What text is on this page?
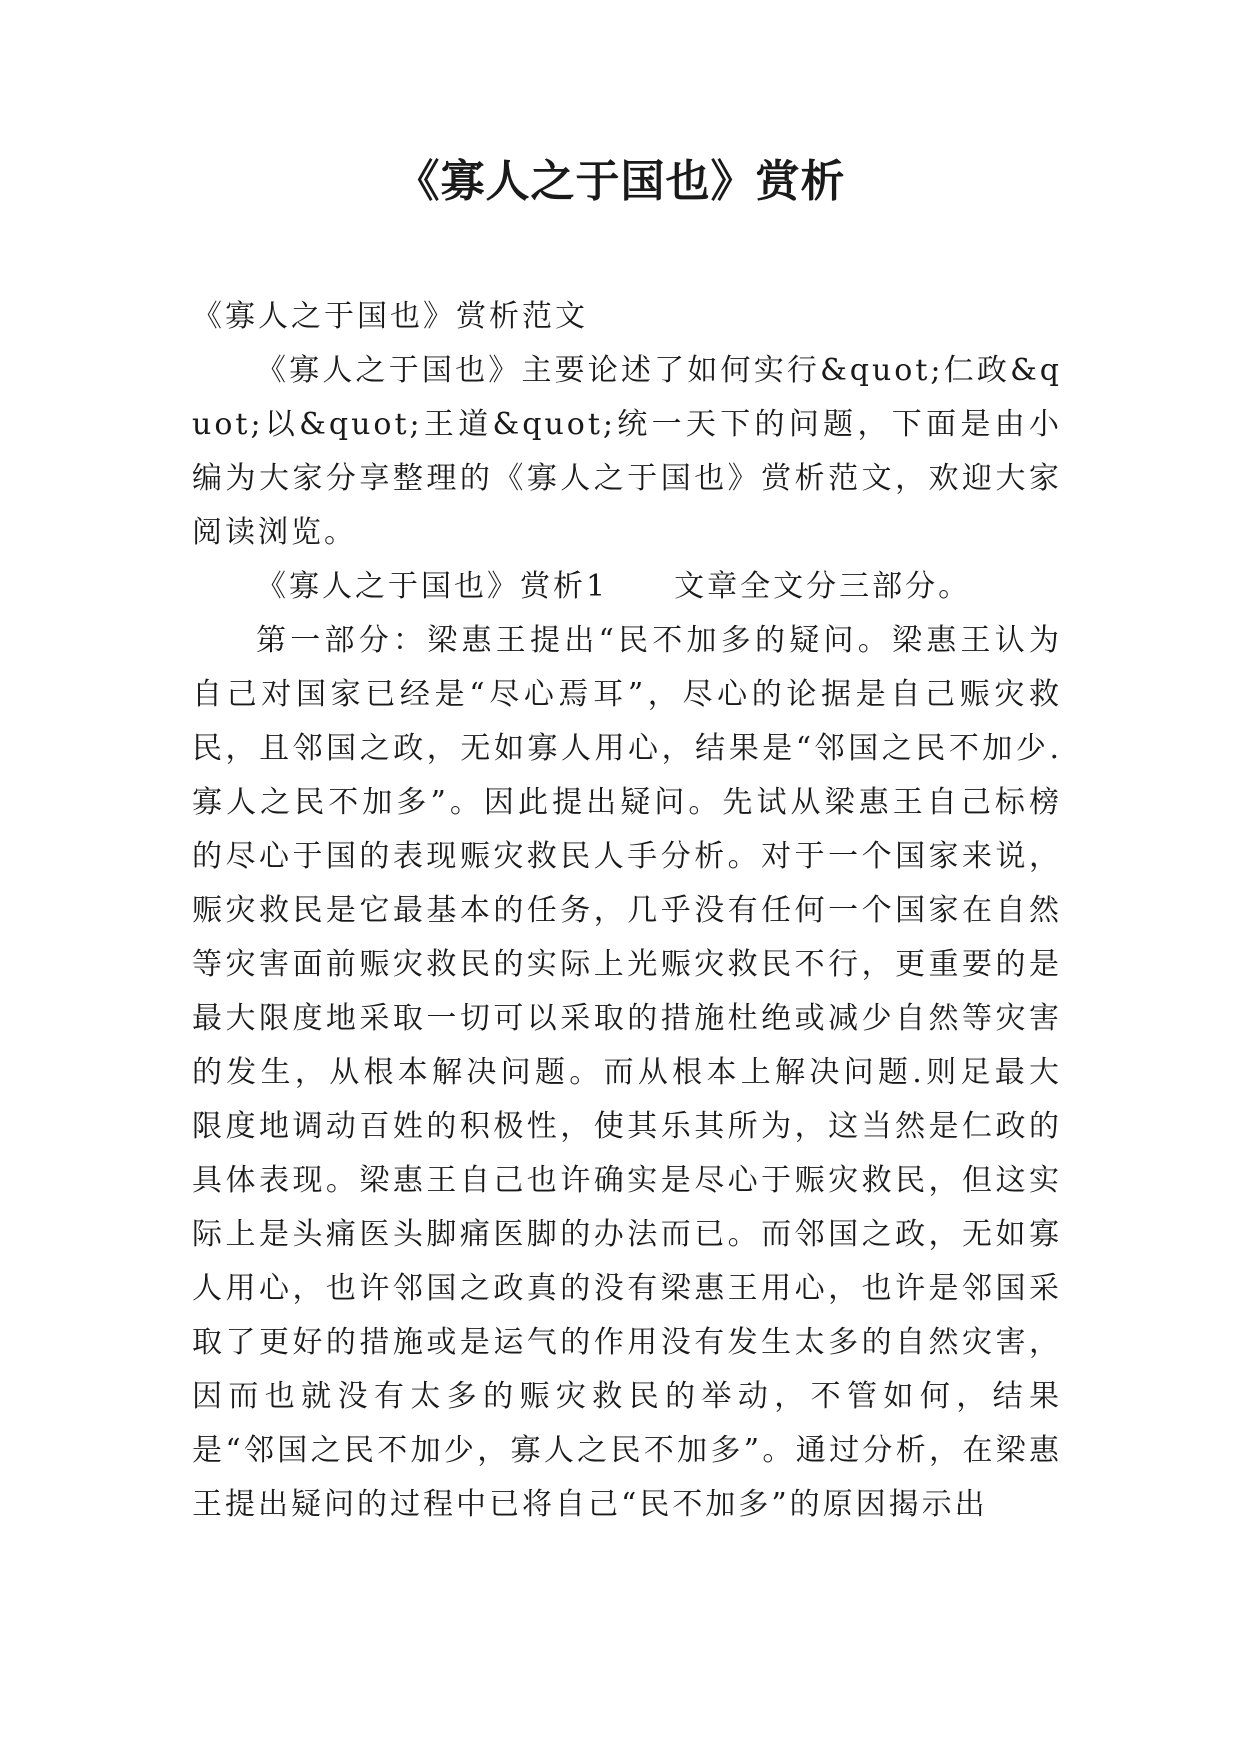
《寡人之于国也》赏析

《寡人之于国也》赏析范文

《寡人之于国也》主要论述了如何实行&quot;仁政&quot;以&quot;王道&quot;统一天下的问题，下面是由小编为大家分享整理的《寡人之于国也》赏析范文，欢迎大家阅读浏览。

《寡人之于国也》赏析1　　文章全文分三部分。

第一部分：梁惠王提出“民不加多的疑问。梁惠王认为自己对国家已经是“尽心焉耳”，尽心的论据是自己赈灾救民，且邻国之政，无如寡人用心，结果是“邻国之民不加少.寡人之民不加多”。因此提出疑问。先试从梁惠王自己标榜的尽心于国的表现赈灾救民人手分析。对于一个国家来说，赈灾救民是它最基本的任务，几乎没有任何一个国家在自然等灾害面前赈灾救民的实际上光赈灾救民不行，更重要的是最大限度地采取一切可以采取的措施杜绝或减少自然等灾害的发生，从根本解决问题。而从根本上解决问题.则足最大限度地调动百姓的积极性，使其乐其所为，这当然是仁政的具体表现。梁惠王自己也许确实是尽心于赈灾救民，但这实际上是头痛医头脚痛医脚的办法而已。而邻国之政，无如寡人用心，也许邻国之政真的没有梁惠王用心，也许是邻国采取了更好的措施或是运气的作用没有发生太多的自然灾害，因而也就没有太多的赈灾救民的举动，不管如何，结果是“邻国之民不加少，寡人之民不加多”。通过分析，在梁惠王提出疑问的过程中已将自己“民不加多”的原因揭示出
